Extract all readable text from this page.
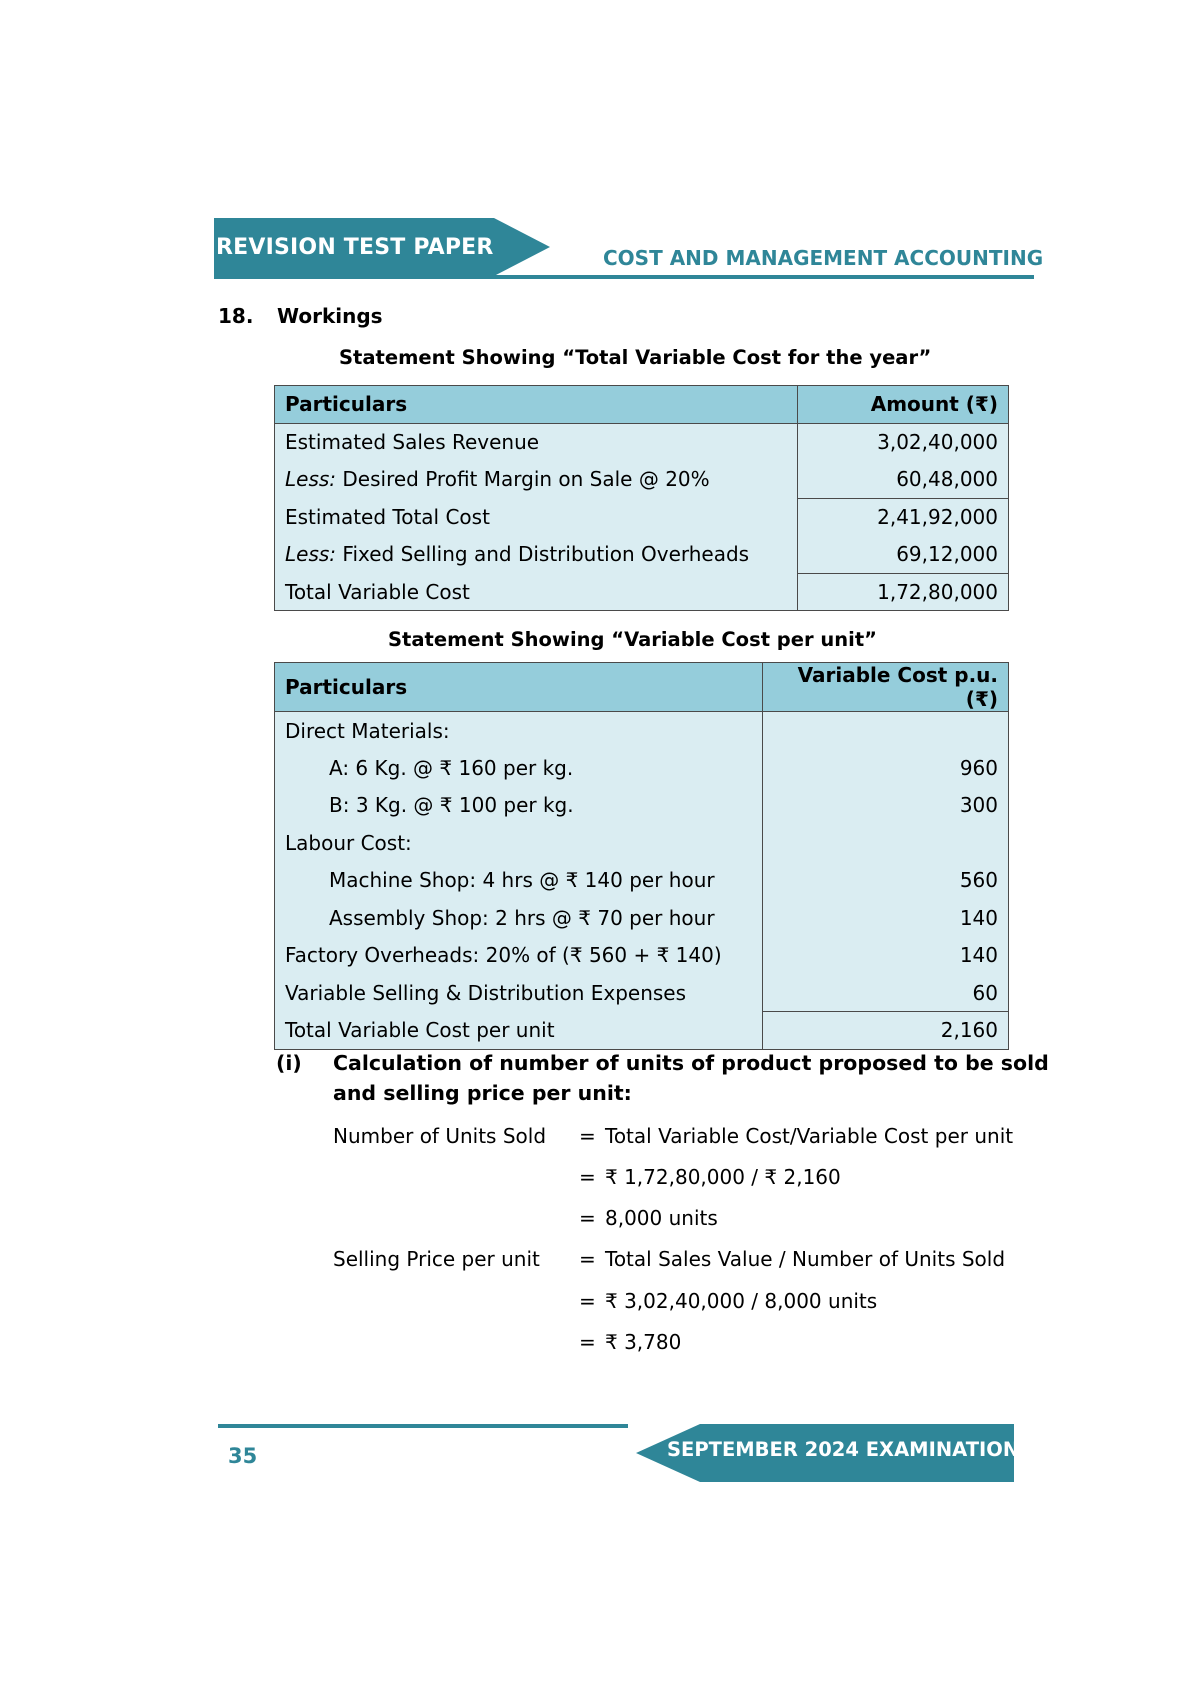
REVISION TEST PAPER	COST AND MANAGEMENT ACCOUNTING
18. Workings
Statement Showing “Total Variable Cost for the year”
Particulars	Amount (₹)
Estimated Sales Revenue	3,02,40,000
Less: Desired Profit Margin on Sale @ 20%	60,48,000
Estimated Total Cost	2,41,92,000
Less: Fixed Selling and Distribution Overheads	69,12,000
Total Variable Cost	1,72,80,000
Statement Showing “Variable Cost per unit”
Particulars	Variable Cost p.u. (₹)
Direct Materials:	
A: 6 Kg. @ ₹ 160 per kg.	960
B: 3 Kg. @ ₹ 100 per kg.	300
Labour Cost:	
Machine Shop: 4 hrs @ ₹ 140 per hour	560
Assembly Shop: 2 hrs @ ₹ 70 per hour	140
Factory Overheads: 20% of (₹ 560 + ₹ 140)	140
Variable Selling & Distribution Expenses	60
Total Variable Cost per unit	2,160
(i) Calculation of number of units of product proposed to be sold
and selling price per unit:
Number of Units Sold = Total Variable Cost/Variable Cost per unit
= ₹ 1,72,80,000 / ₹ 2,160
= 8,000 units
Selling Price per unit = Total Sales Value / Number of Units Sold
= ₹ 3,02,40,000 / 8,000 units
= ₹ 3,780
SEPTEMBER 2024 EXAMINATION
35
